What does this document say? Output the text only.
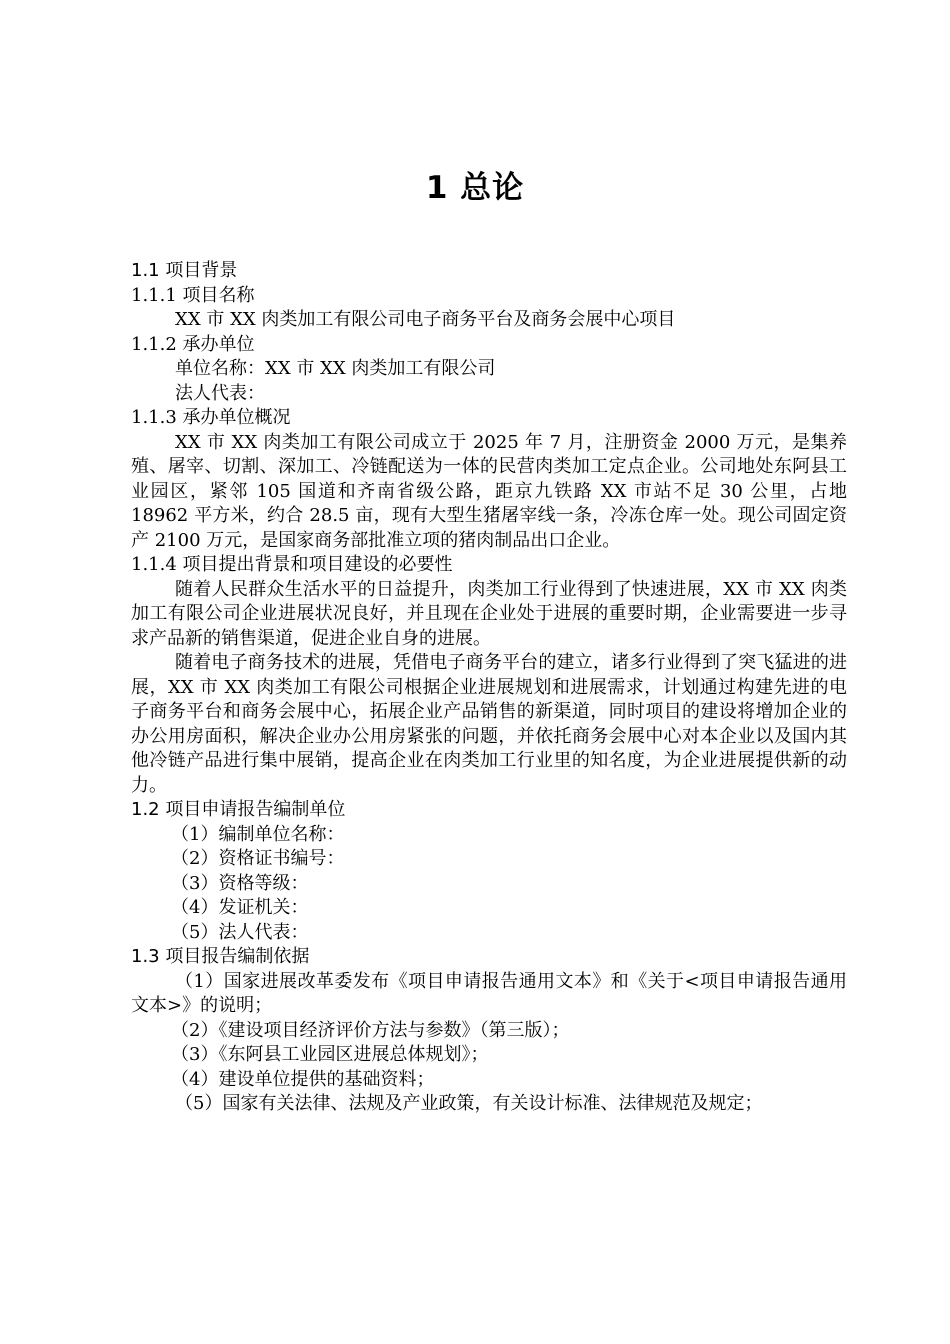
1 总论

1.1 项目背景

1.1.1 项目名称

XX 市 XX 肉类加工有限公司电子商务平台及商务会展中心项目

1.1.2 承办单位

单位名称：XX 市 XX 肉类加工有限公司

法人代表：

1.1.3 承办单位概况

XX 市 XX 肉类加工有限公司成立于 2025 年 7 月，注册资金 2000 万元，是集养殖、屠宰、切割、深加工、冷链配送为一体的民营肉类加工定点企业。公司地处东阿县工业园区，紧邻 105 国道和齐南省级公路，距京九铁路 XX 市站不足 30 公里，占地 18962 平方米，约合 28.5 亩，现有大型生猪屠宰线一条，冷冻仓库一处。现公司固定资产 2100 万元，是国家商务部批准立项的猪肉制品出口企业。

1.1.4 项目提出背景和项目建设的必要性

随着人民群众生活水平的日益提升，肉类加工行业得到了快速进展，XX 市 XX 肉类加工有限公司企业进展状况良好，并且现在企业处于进展的重要时期，企业需要进一步寻求产品新的销售渠道，促进企业自身的进展。

随着电子商务技术的进展，凭借电子商务平台的建立，诸多行业得到了突飞猛进的进展，XX 市 XX 肉类加工有限公司根据企业进展规划和进展需求，计划通过构建先进的电子商务平台和商务会展中心，拓展企业产品销售的新渠道，同时项目的建设将增加企业的办公用房面积，解决企业办公用房紧张的问题，并依托商务会展中心对本企业以及国内其他冷链产品进行集中展销，提高企业在肉类加工行业里的知名度，为企业进展提供新的动力。

1.2 项目申请报告编制单位

（1）编制单位名称：

（2）资格证书编号：

（3）资格等级：

（4）发证机关：

（5）法人代表：

1.3 项目报告编制依据

（1）国家进展改革委发布《项目申请报告通用文本》和《关于<项目申请报告通用文本>》的说明；

（2）《建设项目经济评价方法与参数》（第三版）；

（3）《东阿县工业园区进展总体规划》；

（4）建设单位提供的基础资料；

（5）国家有关法律、法规及产业政策，有关设计标准、法律规范及规定；
